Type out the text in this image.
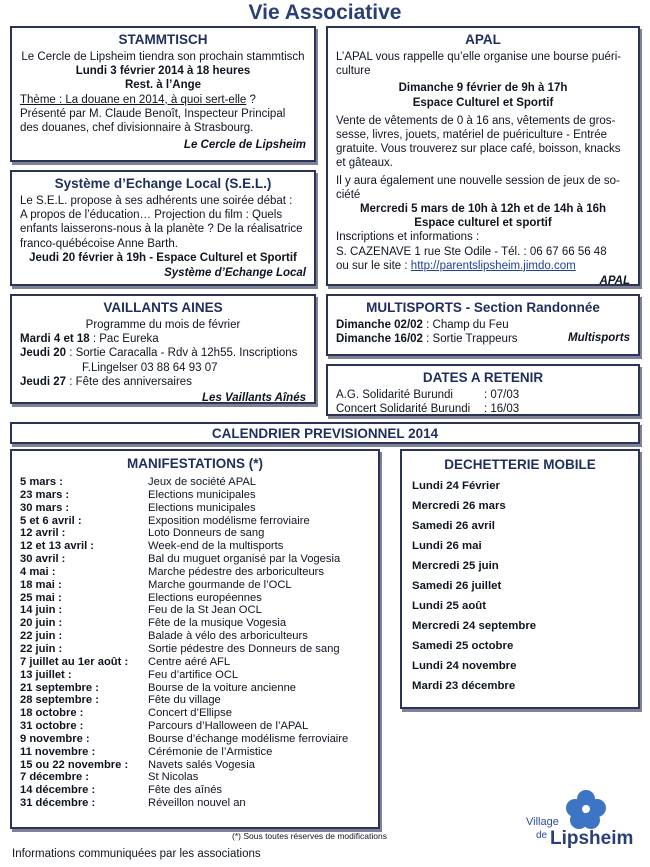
Vie Associative
STAMMTISCH
Le Cercle de Lipsheim tiendra son prochain stammtisch
Lundi 3 février 2014 à 18 heures
Rest. à l’Ange
Thème : La douane en 2014, à quoi sert-elle ?
Présenté par M. Claude Benoît, Inspecteur Principal
des douanes, chef divisionnaire à Strasbourg.
Le Cercle de Lipsheim
Système d’Echange Local (S.E.L.)
Le S.E.L. propose à ses adhérents une soirée débat :
A propos de l’éducation… Projection du film : Quels
enfants laisserons-nous à la planète ? De la réalisatrice
franco-québécoise Anne Barth.
Jeudi 20 février à 19h - Espace Culturel et Sportif
Système d’Echange Local
VAILLANTS AINES
Programme du mois de février
Mardi 4 et 18 : Pac Eureka
Jeudi 20 : Sortie Caracalla - Rdv à 12h55. Inscriptions
F.Lingelser 03 88 64 93 07
Jeudi 27 : Fête des anniversaires
Les Vaillants Aînés
APAL
L’APAL vous rappelle qu’elle organise une bourse puéri-
culture
Dimanche 9 février de 9h à 17h
Espace Culturel et Sportif
Vente de vêtements de 0 à 16 ans, vêtements de gros-
sesse, livres, jouets, matériel de puériculture - Entrée
gratuite. Vous trouverez sur place café, boisson, knacks
et gâteaux.
Il y aura également une nouvelle session de jeux de so-
ciété
Mercredi 5 mars de 10h à 12h et de 14h à 16h
Espace culturel et sportif
Inscriptions et informations :
S. CAZENAVE 1 rue Ste Odile - Tél. : 06 67 66 56 48
ou sur le site : http://parentslipsheim.jimdo.com
APAL
MULTISPORTS - Section Randonnée
Dimanche 02/02 : Champ du Feu
Dimanche 16/02 : Sortie Trappeurs	Multisports
DATES A RETENIR
A.G. Solidarité Burundi	: 07/03
Concert Solidarité Burundi	: 16/03
CALENDRIER PREVISIONNEL 2014
MANIFESTATIONS (*)
5 mars :	Jeux de société APAL
23 mars :	Elections municipales
30 mars :	Elections municipales
5 et 6 avril :	Exposition modélisme ferroviaire
12 avril :	Loto Donneurs de sang
12 et 13 avril :	Week-end de la multisports
30 avril :	Bal du muguet organisé par la Vogesia
4 mai :	Marche pédestre des arboriculteurs
18 mai :	Marche gourmande de l’OCL
25 mai :	Elections européennes
14 juin :	Feu de la St Jean OCL
20 juin :	Fête de la musique Vogesia
22 juin :	Balade à vélo des arboriculteurs
22 juin :	Sortie pédestre des Donneurs de sang
7 juillet au 1er août :	Centre aéré AFL
13 juillet :	Feu d’artifice OCL
21 septembre :	Bourse de la voiture ancienne
28 septembre :	Fête du village
18 octobre :	Concert d’Ellipse
31 octobre :	Parcours d’Halloween de l’APAL
9 novembre :	Bourse d’échange modélisme ferroviaire
11 novembre :	Cérémonie de l’Armistice
15 ou 22 novembre :	Navets salés Vogesia
7 décembre :	St Nicolas
14 décembre :	Fête des aînés
31 décembre :	Réveillon nouvel an
(*) Sous toutes réserves de modifications
DECHETTERIE MOBILE
Lundi 24 Février
Mercredi 26 mars
Samedi 26 avril
Lundi 26 mai
Mercredi 25 juin
Samedi 26 juillet
Lundi 25 août
Mercredi 24 septembre
Samedi 25 octobre
Lundi 24 novembre
Mardi 23 décembre
Village
de Lipsheim
Informations communiquées par les associations
